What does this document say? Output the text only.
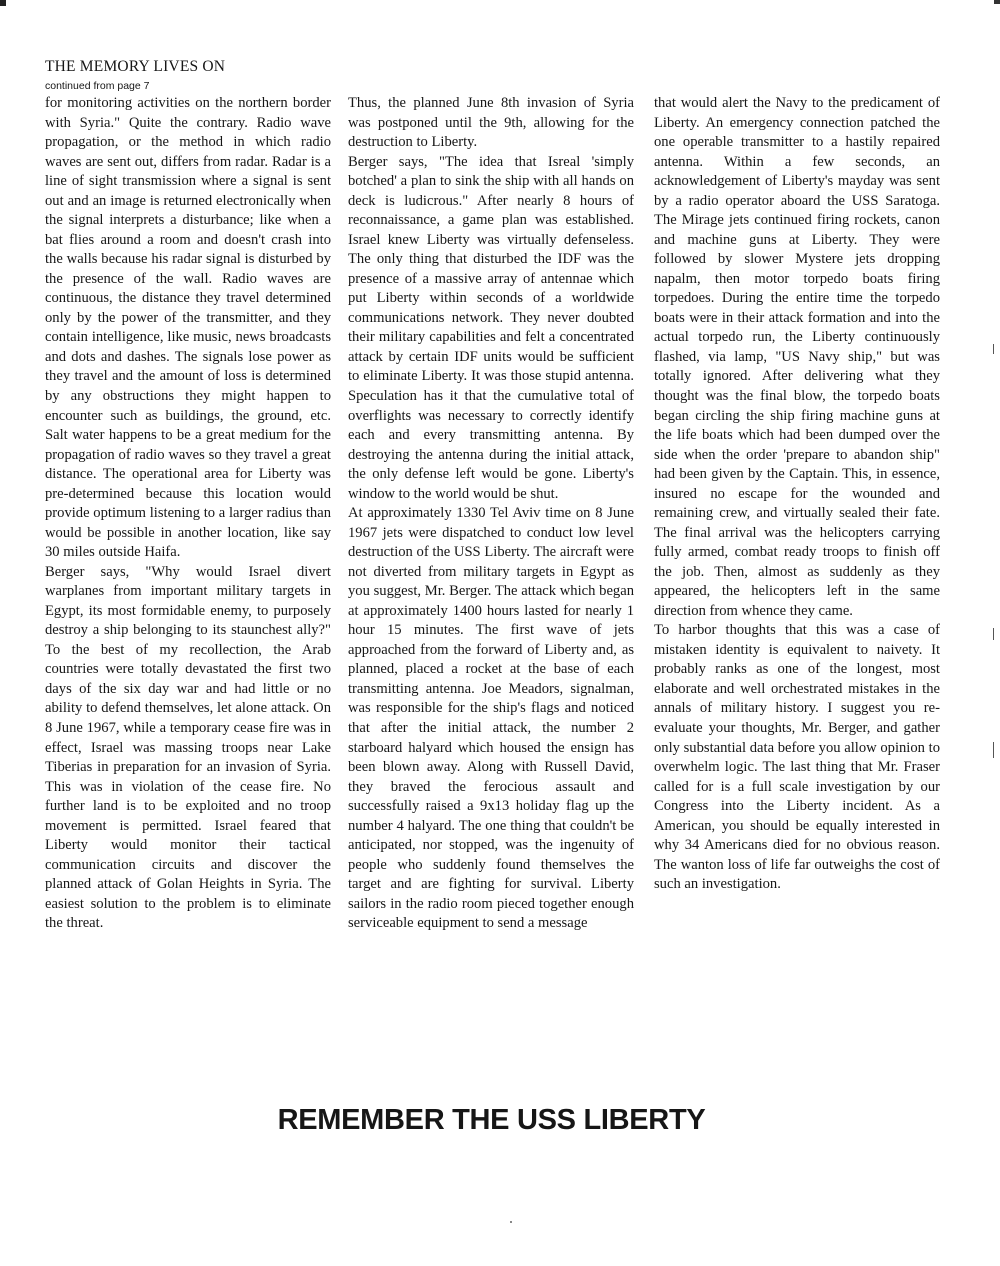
THE MEMORY LIVES ON
continued from page 7

for monitoring activities on the northern border with Syria." Quite the contrary. Radio wave propagation, or the method in which radio waves are sent out, differs from radar. Radar is a line of sight transmission where a signal is sent out and an image is returned electronically when the signal interprets a disturbance; like when a bat flies around a room and doesn't crash into the walls because his radar signal is disturbed by the presence of the wall. Radio waves are continuous, the distance they travel determined only by the power of the transmitter, and they contain intelligence, like music, news broadcasts and dots and dashes. The signals lose power as they travel and the amount of loss is determined by any obstructions they might happen to encounter such as buildings, the ground, etc. Salt water happens to be a great medium for the propagation of radio waves so they travel a great distance. The operational area for Liberty was pre-determined because this location would provide optimum listening to a larger radius than would be possible in another location, like say 30 miles outside Haifa.

Berger says, "Why would Israel divert warplanes from important military targets in Egypt, its most formidable enemy, to purposely destroy a ship belonging to its staunchest ally?" To the best of my recollection, the Arab countries were totally devastated the first two days of the six day war and had little or no ability to defend themselves, let alone attack. On 8 June 1967, while a temporary cease fire was in effect, Israel was massing troops near Lake Tiberias in preparation for an invasion of Syria. This was in violation of the cease fire. No further land is to be exploited and no troop movement is permitted. Israel feared that Liberty would monitor their tactical communication circuits and discover the planned attack of Golan Heights in Syria. The easiest solution to the problem is to eliminate the threat.

Thus, the planned June 8th invasion of Syria was postponed until the 9th, allowing for the destruction to Liberty.

Berger says, "The idea that Isreal 'simply botched' a plan to sink the ship with all hands on deck is ludicrous." After nearly 8 hours of reconnaissance, a game plan was established. Israel knew Liberty was virtually defenseless. The only thing that disturbed the IDF was the presence of a massive array of antennae which put Liberty within seconds of a worldwide communications network. They never doubted their military capabilities and felt a concentrated attack by certain IDF units would be sufficient to eliminate Liberty. It was those stupid antenna. Speculation has it that the cumulative total of overflights was necessary to correctly identify each and every transmitting antenna. By destroying the antenna during the initial attack, the only defense left would be gone. Liberty's window to the world would be shut.

At approximately 1330 Tel Aviv time on 8 June 1967 jets were dispatched to conduct low level destruction of the USS Liberty. The aircraft were not diverted from military targets in Egypt as you suggest, Mr. Berger. The attack which began at approximately 1400 hours lasted for nearly 1 hour 15 minutes. The first wave of jets approached from the forward of Liberty and, as planned, placed a rocket at the base of each transmitting antenna. Joe Meadors, signalman, was responsible for the ship's flags and noticed that after the initial attack, the number 2 starboard halyard which housed the ensign has been blown away. Along with Russell David, they braved the ferocious assault and successfully raised a 9x13 holiday flag up the number 4 halyard. The one thing that couldn't be anticipated, nor stopped, was the ingenuity of people who suddenly found themselves the target and are fighting for survival. Liberty sailors in the radio room pieced together enough serviceable equipment to send a message

that would alert the Navy to the predicament of Liberty. An emergency connection patched the one operable transmitter to a hastily repaired antenna. Within a few seconds, an acknowledgement of Liberty's mayday was sent by a radio operator aboard the USS Saratoga. The Mirage jets continued firing rockets, canon and machine guns at Liberty. They were followed by slower Mystere jets dropping napalm, then motor torpedo boats firing torpedoes. During the entire time the torpedo boats were in their attack formation and into the actual torpedo run, the Liberty continuously flashed, via lamp, "US Navy ship," but was totally ignored. After delivering what they thought was the final blow, the torpedo boats began circling the ship firing machine guns at the life boats which had been dumped over the side when the order 'prepare to abandon ship" had been given by the Captain. This, in essence, insured no escape for the wounded and remaining crew, and virtually sealed their fate. The final arrival was the helicopters carrying fully armed, combat ready troops to finish off the job. Then, almost as suddenly as they appeared, the helicopters left in the same direction from whence they came.

To harbor thoughts that this was a case of mistaken identity is equivalent to naivety. It probably ranks as one of the longest, most elaborate and well orchestrated mistakes in the annals of military history. I suggest you re-evaluate your thoughts, Mr. Berger, and gather only substantial data before you allow opinion to overwhelm logic. The last thing that Mr. Fraser called for is a full scale investigation by our Congress into the Liberty incident. As a American, you should be equally interested in why 34 Americans died for no obvious reason. The wanton loss of life far outweighs the cost of such an investigation.

REMEMBER THE USS LIBERTY
